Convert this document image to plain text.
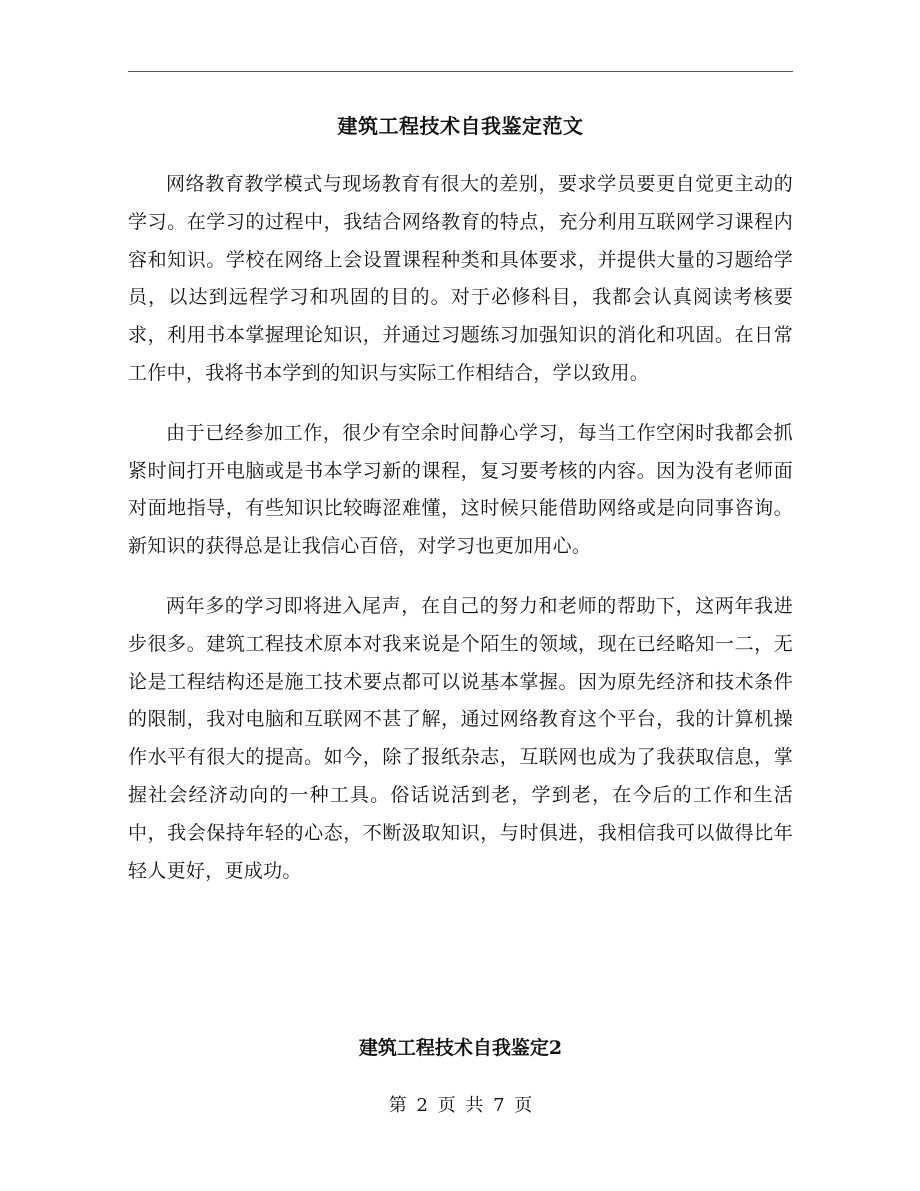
建筑工程技术自我鉴定范文

网络教育教学模式与现场教育有很大的差别，要求学员要更自觉更主动的学习。在学习的过程中，我结合网络教育的特点，充分利用互联网学习课程内容和知识。学校在网络上会设置课程种类和具体要求，并提供大量的习题给学员，以达到远程学习和巩固的目的。对于必修科目，我都会认真阅读考核要求，利用书本掌握理论知识，并通过习题练习加强知识的消化和巩固。在日常工作中，我将书本学到的知识与实际工作相结合，学以致用。

由于已经参加工作，很少有空余时间静心学习，每当工作空闲时我都会抓紧时间打开电脑或是书本学习新的课程，复习要考核的内容。因为没有老师面对面地指导，有些知识比较晦涩难懂，这时候只能借助网络或是向同事咨询。新知识的获得总是让我信心百倍，对学习也更加用心。

两年多的学习即将进入尾声，在自己的努力和老师的帮助下，这两年我进步很多。建筑工程技术原本对我来说是个陌生的领域，现在已经略知一二，无论是工程结构还是施工技术要点都可以说基本掌握。因为原先经济和技术条件的限制，我对电脑和互联网不甚了解，通过网络教育这个平台，我的计算机操作水平有很大的提高。如今，除了报纸杂志，互联网也成为了我获取信息，掌握社会经济动向的一种工具。俗话说活到老，学到老，在今后的工作和生活中，我会保持年轻的心态，不断汲取知识，与时俱进，我相信我可以做得比年轻人更好，更成功。

建筑工程技术自我鉴定2
第 2 页 共 7 页
